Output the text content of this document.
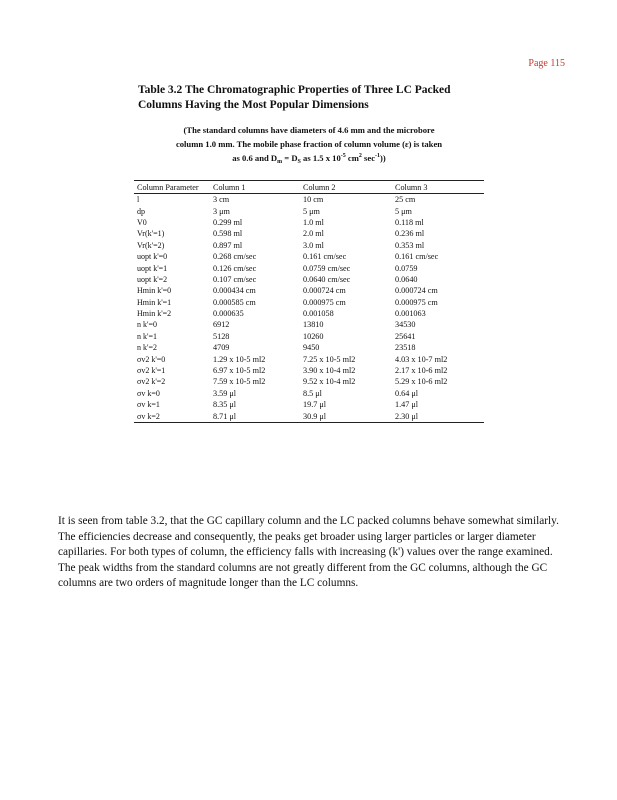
Page 115
Table 3.2 The Chromatographic Properties of Three LC Packed Columns Having the Most Popular Dimensions
(The standard columns have diameters of 4.6 mm and the microbore
column 1.0 mm. The mobile phase fraction of column volume (ε) is taken
as 0.6 and $D_m = D_S$ as 1.5 x $10^{-5}$ $cm^2$ $\sec^{-1}$))
Column Parameter	Column 1	Column 2	Column 3
l	3 cm	10 cm	25 cm
dp	3 μm	5 μm	5 μm
V0	0.299 ml	1.0 ml	0.118 ml
Vr(k'=1)	0.598 ml	2.0 ml	0.236 ml
Vr(k'=2)	0.897 ml	3.0 ml	0.353 ml
uopt k'=0	0.268 cm/sec	0.161 cm/sec	0.161 cm/sec
uopt k'=1	0.126 cm/sec	0.0759 cm/sec	0.0759
uopt k'=2	0.107 cm/sec	0.0640 cm/sec	0.0640
Hmin k'=0	0.000434 cm	0.000724 cm	0.000724 cm
Hmin k'=1	0.000585 cm	0.000975 cm	0.000975 cm
Hmin k'=2	0.000635	0.001058	0.001063
n k'=0	6912	13810	34530
n k'=1	5128	10260	25641
n k'=2	4709	9450	23518
σv2 k'=0	1.29 x 10-5 ml2	7.25 x 10-5 ml2	4.03 x 10-7 ml2
σv2 k'=1	6.97 x 10-5 ml2	3.90 x 10-4 ml2	2.17 x 10-6 ml2
σv2 k'=2	7.59 x 10-5 ml2	9.52 x 10-4 ml2	5.29 x 10-6 ml2
σv k=0	3.59 μl	8.5 μl	0.64 μl
σv k=1	8.35 μl	19.7 μl	1.47 μl
σv k=2	8.71 μl	30.9 μl	2.30 μl
It is seen from table 3.2, that the GC capillary column and the LC packed columns behave somewhat similarly. The efficiencies decrease and consequently, the peaks get broader using larger particles or larger diameter capillaries. For both types of column, the efficiency falls with increasing (k') values over the range examined. The peak widths from the standard columns are not greatly different from the GC columns, although the GC columns are two orders of magnitude longer than the LC columns.
